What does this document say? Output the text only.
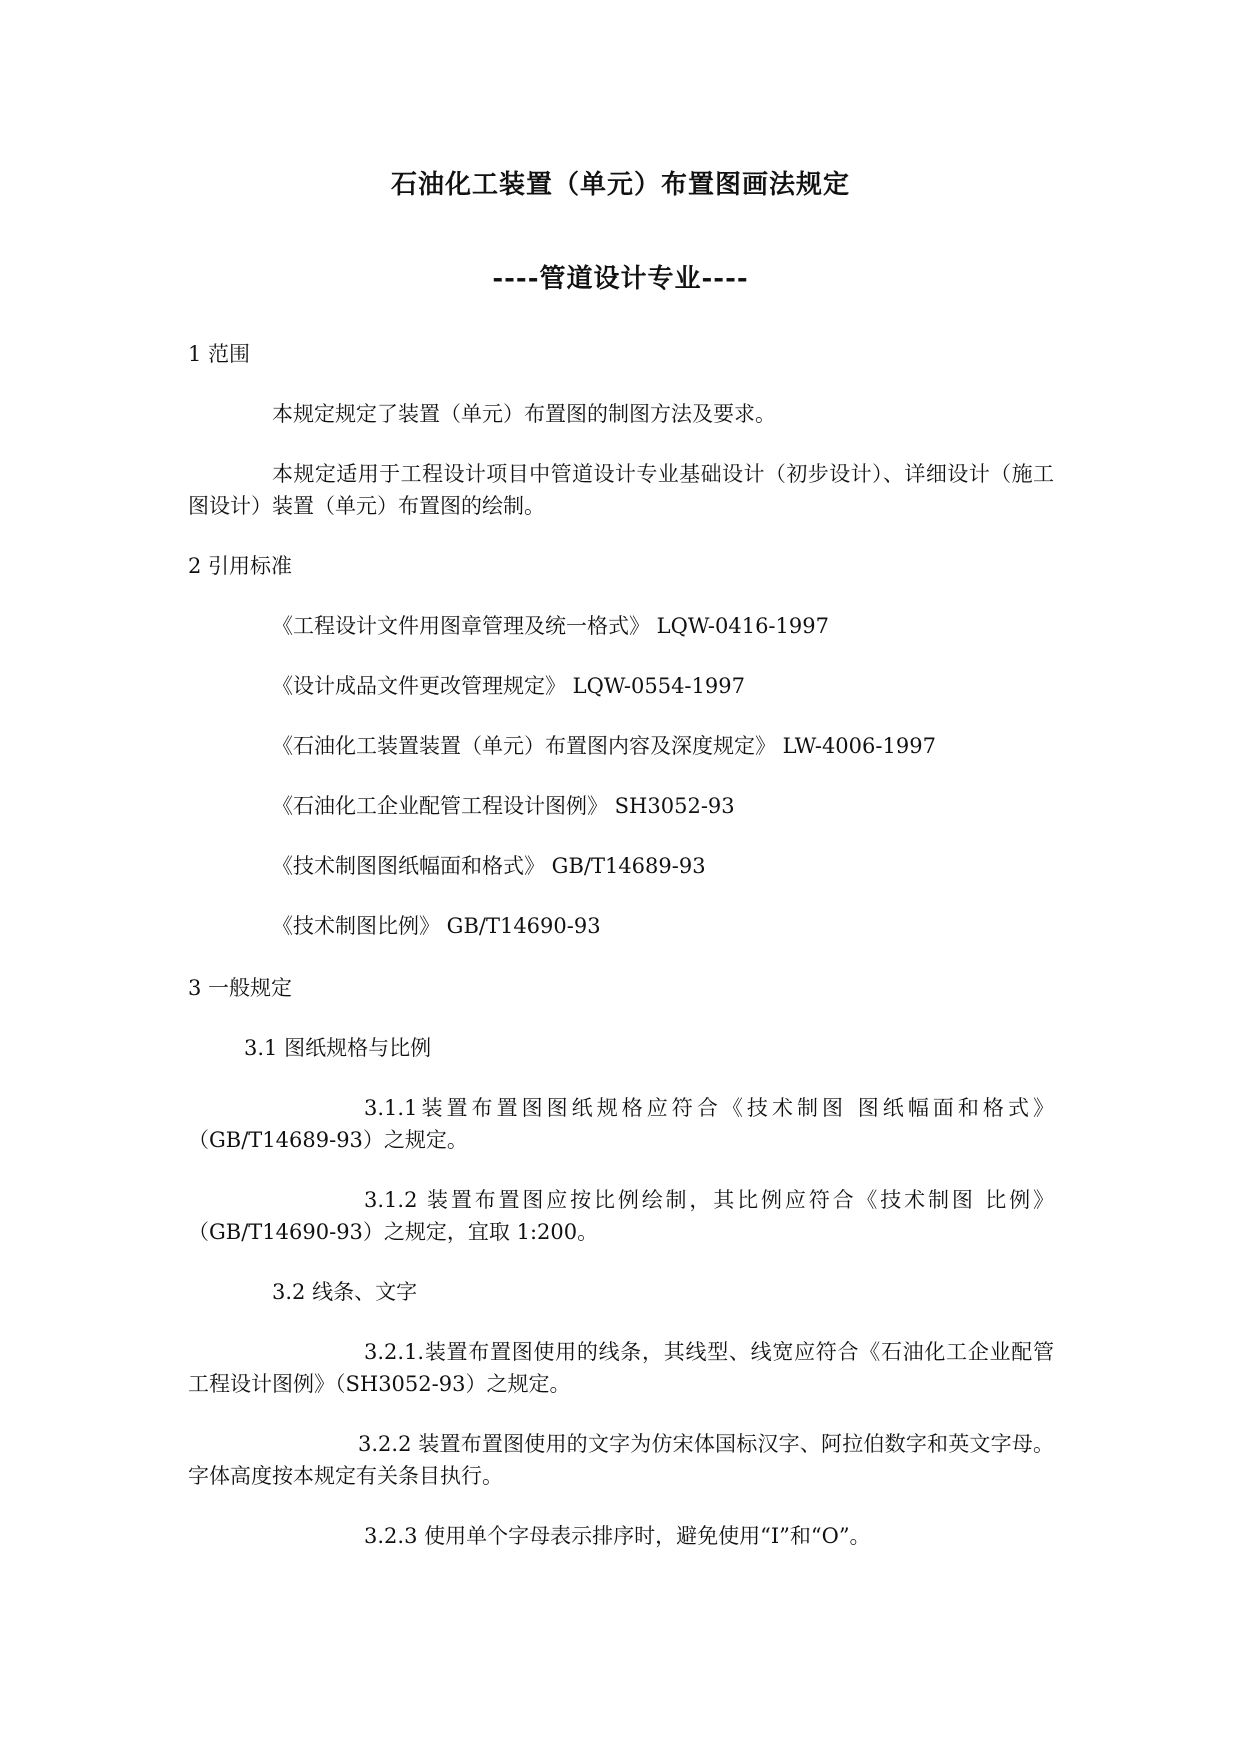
石油化工装置（单元）布置图画法规定
----管道设计专业----
1 范围
本规定规定了装置（单元）布置图的制图方法及要求。
本规定适用于工程设计项目中管道设计专业基础设计（初步设计）、详细设计（施工图设计）装置（单元）布置图的绘制。
2 引用标准
《工程设计文件用图章管理及统一格式》 LQW-0416-1997
《设计成品文件更改管理规定》 LQW-0554-1997
《石油化工装置装置（单元）布置图内容及深度规定》 LW-4006-1997
《石油化工企业配管工程设计图例》 SH3052-93
《技术制图图纸幅面和格式》 GB/T14689-93
《技术制图比例》 GB/T14690-93
3 一般规定
3.1 图纸规格与比例
3.1.1装置布置图图纸规格应符合《技术制图 图纸幅面和格式》（GB/T14689-93）之规定。
3.1.2 装置布置图应按比例绘制，其比例应符合《技术制图 比例》（GB/T14690-93）之规定，宜取 1:200。
3.2 线条、文字
3.2.1.装置布置图使用的线条，其线型、线宽应符合《石油化工企业配管工程设计图例》（SH3052-93）之规定。
3.2.2 装置布置图使用的文字为仿宋体国标汉字、阿拉伯数字和英文字母。字体高度按本规定有关条目执行。
3.2.3 使用单个字母表示排序时，避免使用“I”和“O”。
